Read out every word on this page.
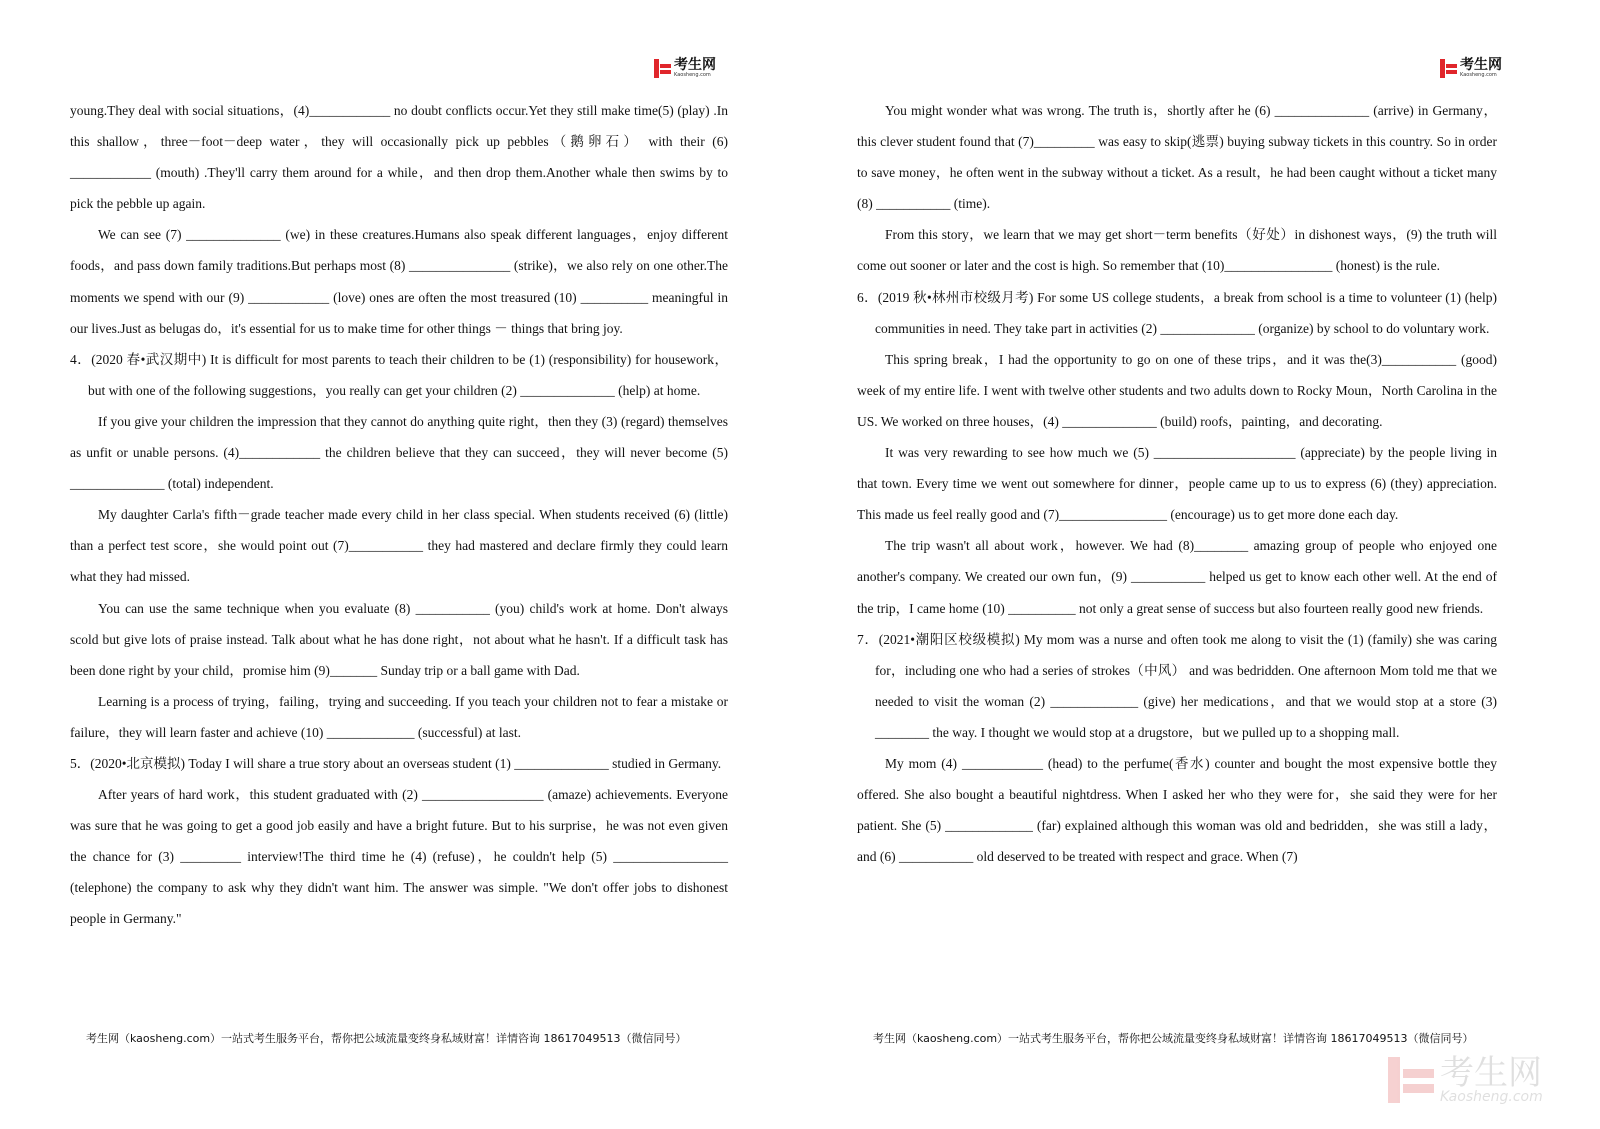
考生网
Kaosheng.com

young.They deal with social situations，(4)____________ no doubt conflicts occur.Yet they still make time(5) (play) .In this shallow，three－foot－deep water，they will occasionally pick up pebbles（鹅卵石） with their (6) ____________ (mouth) .They'll carry them around for a while，and then drop them.Another whale then swims by to pick the pebble up again.

We can see (7) ______________ (we) in these creatures.Humans also speak different languages，enjoy different foods，and pass down family traditions.But perhaps most (8) _______________ (strike)，we also rely on one other.The moments we spend with our (9) ____________ (love) ones are often the most treasured (10) __________ meaningful in our lives.Just as belugas do，it's essential for us to make time for other things － things that bring joy.

4．(2020 春•武汉期中) It is difficult for most parents to teach their children to be (1) (responsibility) for housework，but with one of the following suggestions，you really can get your children (2) ______________ (help) at home.

If you give your children the impression that they cannot do anything quite right，then they (3) (regard) themselves as unfit or unable persons. (4)____________ the children believe that they can succeed，they will never become (5) ______________ (total) independent.

My daughter Carla's fifth－grade teacher made every child in her class special. When students received (6) (little) than a perfect test score，she would point out (7)___________ they had mastered and declare firmly they could learn what they had missed.

You can use the same technique when you evaluate (8) ___________ (you) child's work at home. Don't always scold but give lots of praise instead. Talk about what he has done right，not about what he hasn't. If a difficult task has been done right by your child，promise him (9)_______ Sunday trip or a ball game with Dad.

Learning is a process of trying，failing，trying and succeeding. If you teach your children not to fear a mistake or failure，they will learn faster and achieve (10) _____________ (successful) at last.

5．(2020•北京模拟) Today I will share a true story about an overseas student (1) ______________ studied in Germany.

After years of hard work，this student graduated with (2) __________________ (amaze) achievements. Everyone was sure that he was going to get a good job easily and have a bright future. But to his surprise，he was not even given the chance for (3) _________ interview!The third time he (4) (refuse)，he couldn't help (5) _________________ (telephone) the company to ask why they didn't want him. The answer was simple. "We don't offer jobs to dishonest people in Germany."

考生网（kaosheng.com）一站式考生服务平台，帮你把公域流量变终身私域财富！详情咨询 18617049513（微信同号）
考生网
Kaosheng.com

You might wonder what was wrong. The truth is，shortly after he (6) ______________ (arrive) in Germany，this clever student found that (7)_________ was easy to skip(逃票) buying subway tickets in this country. So in order to save money，he often went in the subway without a ticket. As a result，he had been caught without a ticket many (8) ___________ (time).

From this story，we learn that we may get short－term benefits（好处）in dishonest ways，(9) the truth will come out sooner or later and the cost is high. So remember that (10)________________ (honest) is the rule.

6．(2019 秋•林州市校级月考) For some US college students，a break from school is a time to volunteer (1) (help) communities in need. They take part in activities (2) ______________ (organize) by school to do voluntary work.

This spring break，I had the opportunity to go on one of these trips，and it was the(3)___________ (good) week of my entire life. I went with twelve other students and two adults down to Rocky Moun，North Carolina in the US. We worked on three houses，(4) ______________ (build) roofs，painting，and decorating.

It was very rewarding to see how much we (5) _____________________ (appreciate) by the people living in that town. Every time we went out somewhere for dinner，people came up to us to express (6) (they) appreciation. This made us feel really good and (7)________________ (encourage) us to get more done each day.

The trip wasn't all about work，however. We had (8)________ amazing group of people who enjoyed one another's company. We created our own fun，(9) ___________ helped us get to know each other well. At the end of the trip，I came home (10) __________ not only a great sense of success but also fourteen really good new friends.

7．(2021•潮阳区校级模拟) My mom was a nurse and often took me along to visit the (1) (family) she was caring for，including one who had a series of strokes（中风） and was bedridden. One afternoon Mom told me that we needed to visit the woman (2) _____________ (give) her medications，and that we would stop at a store (3) ________ the way. I thought we would stop at a drugstore，but we pulled up to a shopping mall.

My mom (4) ____________ (head) to the perfume(香水) counter and bought the most expensive bottle they offered. She also bought a beautiful nightdress. When I asked her who they were for，she said they were for her patient. She (5) _____________ (far) explained although this woman was old and bedridden，she was still a lady，and (6) ___________ old deserved to be treated with respect and grace. When (7)

考生网（kaosheng.com）一站式考生服务平台，帮你把公域流量变终身私域财富！详情咨询 18617049513（微信同号）
考生网
Kaosheng.com
